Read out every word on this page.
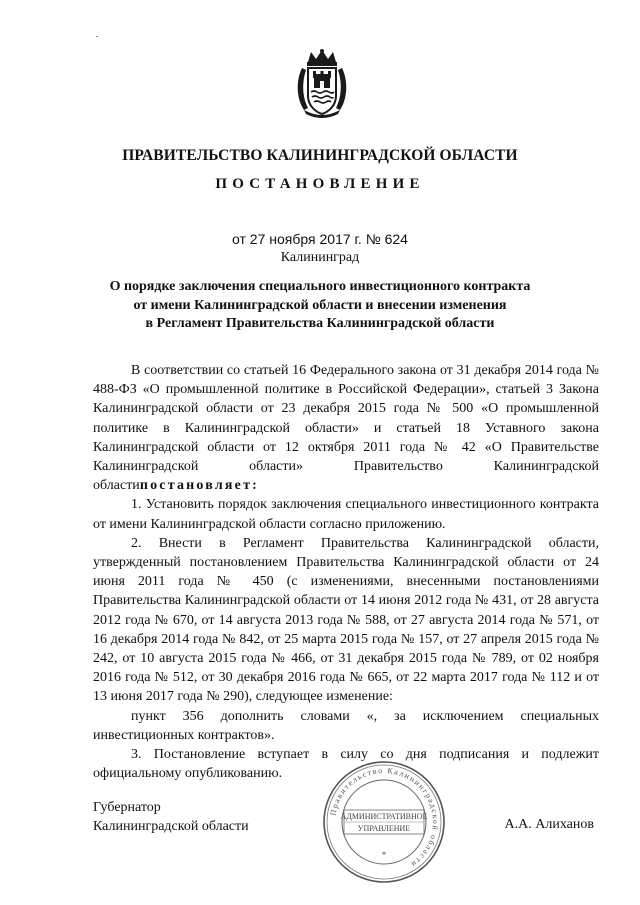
ПРАВИТЕЛЬСТВО КАЛИНИНГРАДСКОЙ ОБЛАСТИ
ПОСТАНОВЛЕНИЕ
от 27 ноября 2017 г. № 624
Калининград
О порядке заключения специального инвестиционного контракта
от имени Калининградской области и внесении изменения
в Регламент Правительства Калининградской области

В соответствии со статьей 16 Федерального закона от 31 декабря 2014 года № 488-ФЗ «О промышленной политике в Российской Федерации», статьей 3 Закона Калининградской области от 23 декабря 2015 года № 500 «О промышленной политике в Калининградской области» и статьей 18 Уставного закона Калининградской области от 12 октября 2011 года № 42 «О Правительстве Калининградской области» Правительство Калининградской областипостановляет:

1. Установить порядок заключения специального инвестиционного контракта от имени Калининградской области согласно приложению.

2. Внести в Регламент Правительства Калининградской области, утвержденный постановлением Правительства Калининградской области от 24 июня 2011 года № 450 (с изменениями, внесенными постановлениями Правительства Калининградской области от 14 июня 2012 года № 431, от 28 августа 2012 года № 670, от 14 августа 2013 года № 588, от 27 августа 2014 года № 571, от 16 декабря 2014 года № 842, от 25 марта 2015 года № 157, от 27 апреля 2015 года № 242, от 10 августа 2015 года № 466, от 31 декабря 2015 года № 789, от 02 ноября 2016 года № 512, от 30 декабря 2016 года № 665, от 22 марта 2017 года № 112 и от 13 июня 2017 года № 290), следующее изменение:

пункт 356 дополнить словами «, за исключением специальных инвестиционных контрактов».

3. Постановление вступает в силу со дня подписания и подлежит официальному опубликованию.

Губернатор
Калининградской области	А.А. Алиханов
Правительство Калининградской области
АДМИНИСТРАТИВНОЕ
УПРАВЛЕНИЕ
*
